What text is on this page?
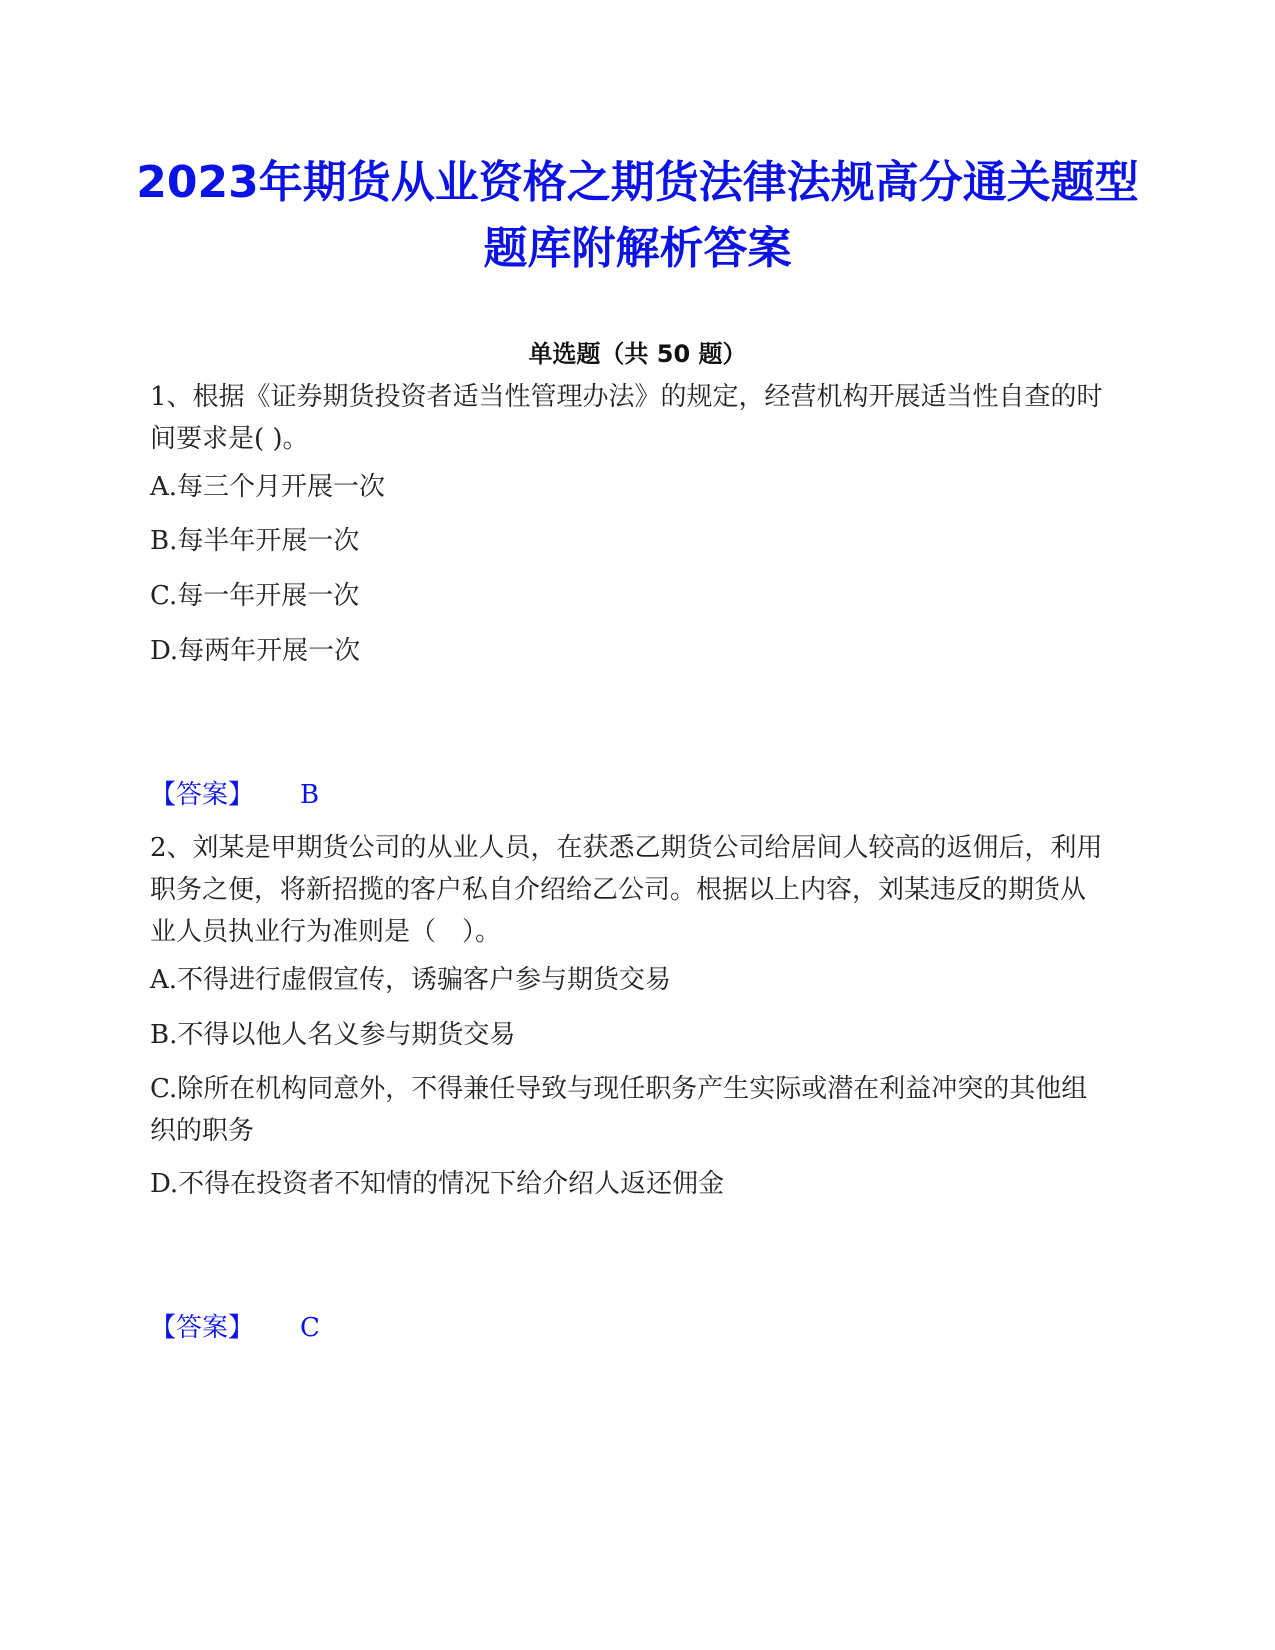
2023年期货从业资格之期货法律法规高分通关题型题库附解析答案
单选题（共 50 题）

1、根据《证券期货投资者适当性管理办法》的规定，经营机构开展适当性自查的时间要求是( )。

A.每三个月开展一次

B.每半年开展一次

C.每一年开展一次

D.每两年开展一次

【答案】 B

2、刘某是甲期货公司的从业人员，在获悉乙期货公司给居间人较高的返佣后，利用职务之便，将新招揽的客户私自介绍给乙公司。根据以上内容，刘某违反的期货从业人员执业行为准则是（　）。

A.不得进行虚假宣传，诱骗客户参与期货交易

B.不得以他人名义参与期货交易

C.除所在机构同意外，不得兼任导致与现任职务产生实际或潜在利益冲突的其他组织的职务

D.不得在投资者不知情的情况下给介绍人返还佣金

【答案】 C
